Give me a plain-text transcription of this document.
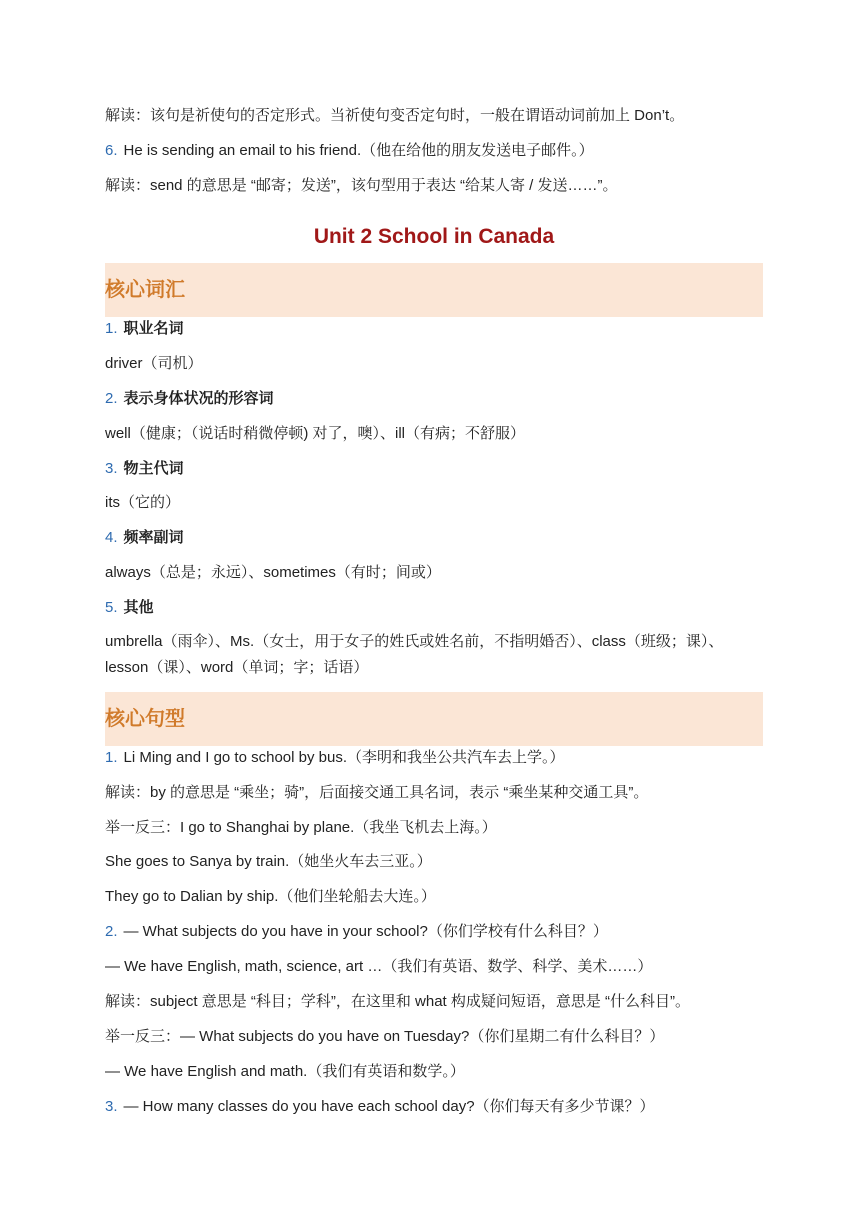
解读：该句是祈使句的否定形式。当祈使句变否定句时，一般在谓语动词前加上 Don’t。
6. He is sending an email to his friend.（他在给他的朋友发送电子邮件。）
解读：send 的意思是 “邮寄；发送”，该句型用于表达 “给某人寄 / 发送……”。
Unit 2 School in Canada
核心词汇
1. 职业名词
driver（司机）
2. 表示身体状况的形容词
well（健康；（说话时稍微停顿) 对了，噢）、ill（有病；不舒服）
3. 物主代词
its（它的）
4. 频率副词
always（总是；永远）、sometimes（有时；间或）
5. 其他
umbrella（雨伞）、Ms.（女士，用于女子的姓氏或姓名前，不指明婚否）、class（班级；课）、lesson（课）、word（单词；字；话语）
核心句型
1. Li Ming and I go to school by bus.（李明和我坐公共汽车去上学。）
解读：by 的意思是 “乘坐；骑”，后面接交通工具名词，表示 “乘坐某种交通工具”。
举一反三：I go to Shanghai by plane.（我坐飞机去上海。）
She goes to Sanya by train.（她坐火车去三亚。）
They go to Dalian by ship.（他们坐轮船去大连。）
2. — What subjects do you have in your school?（你们学校有什么科目？）
— We have English, math, science, art …（我们有英语、数学、科学、美术……）
解读：subject 意思是 “科目；学科”，在这里和 what 构成疑问短语，意思是 “什么科目”。
举一反三：— What subjects do you have on Tuesday?（你们星期二有什么科目？）
— We have English and math.（我们有英语和数学。）
3. — How many classes do you have each school day?（你们每天有多少节课？）
